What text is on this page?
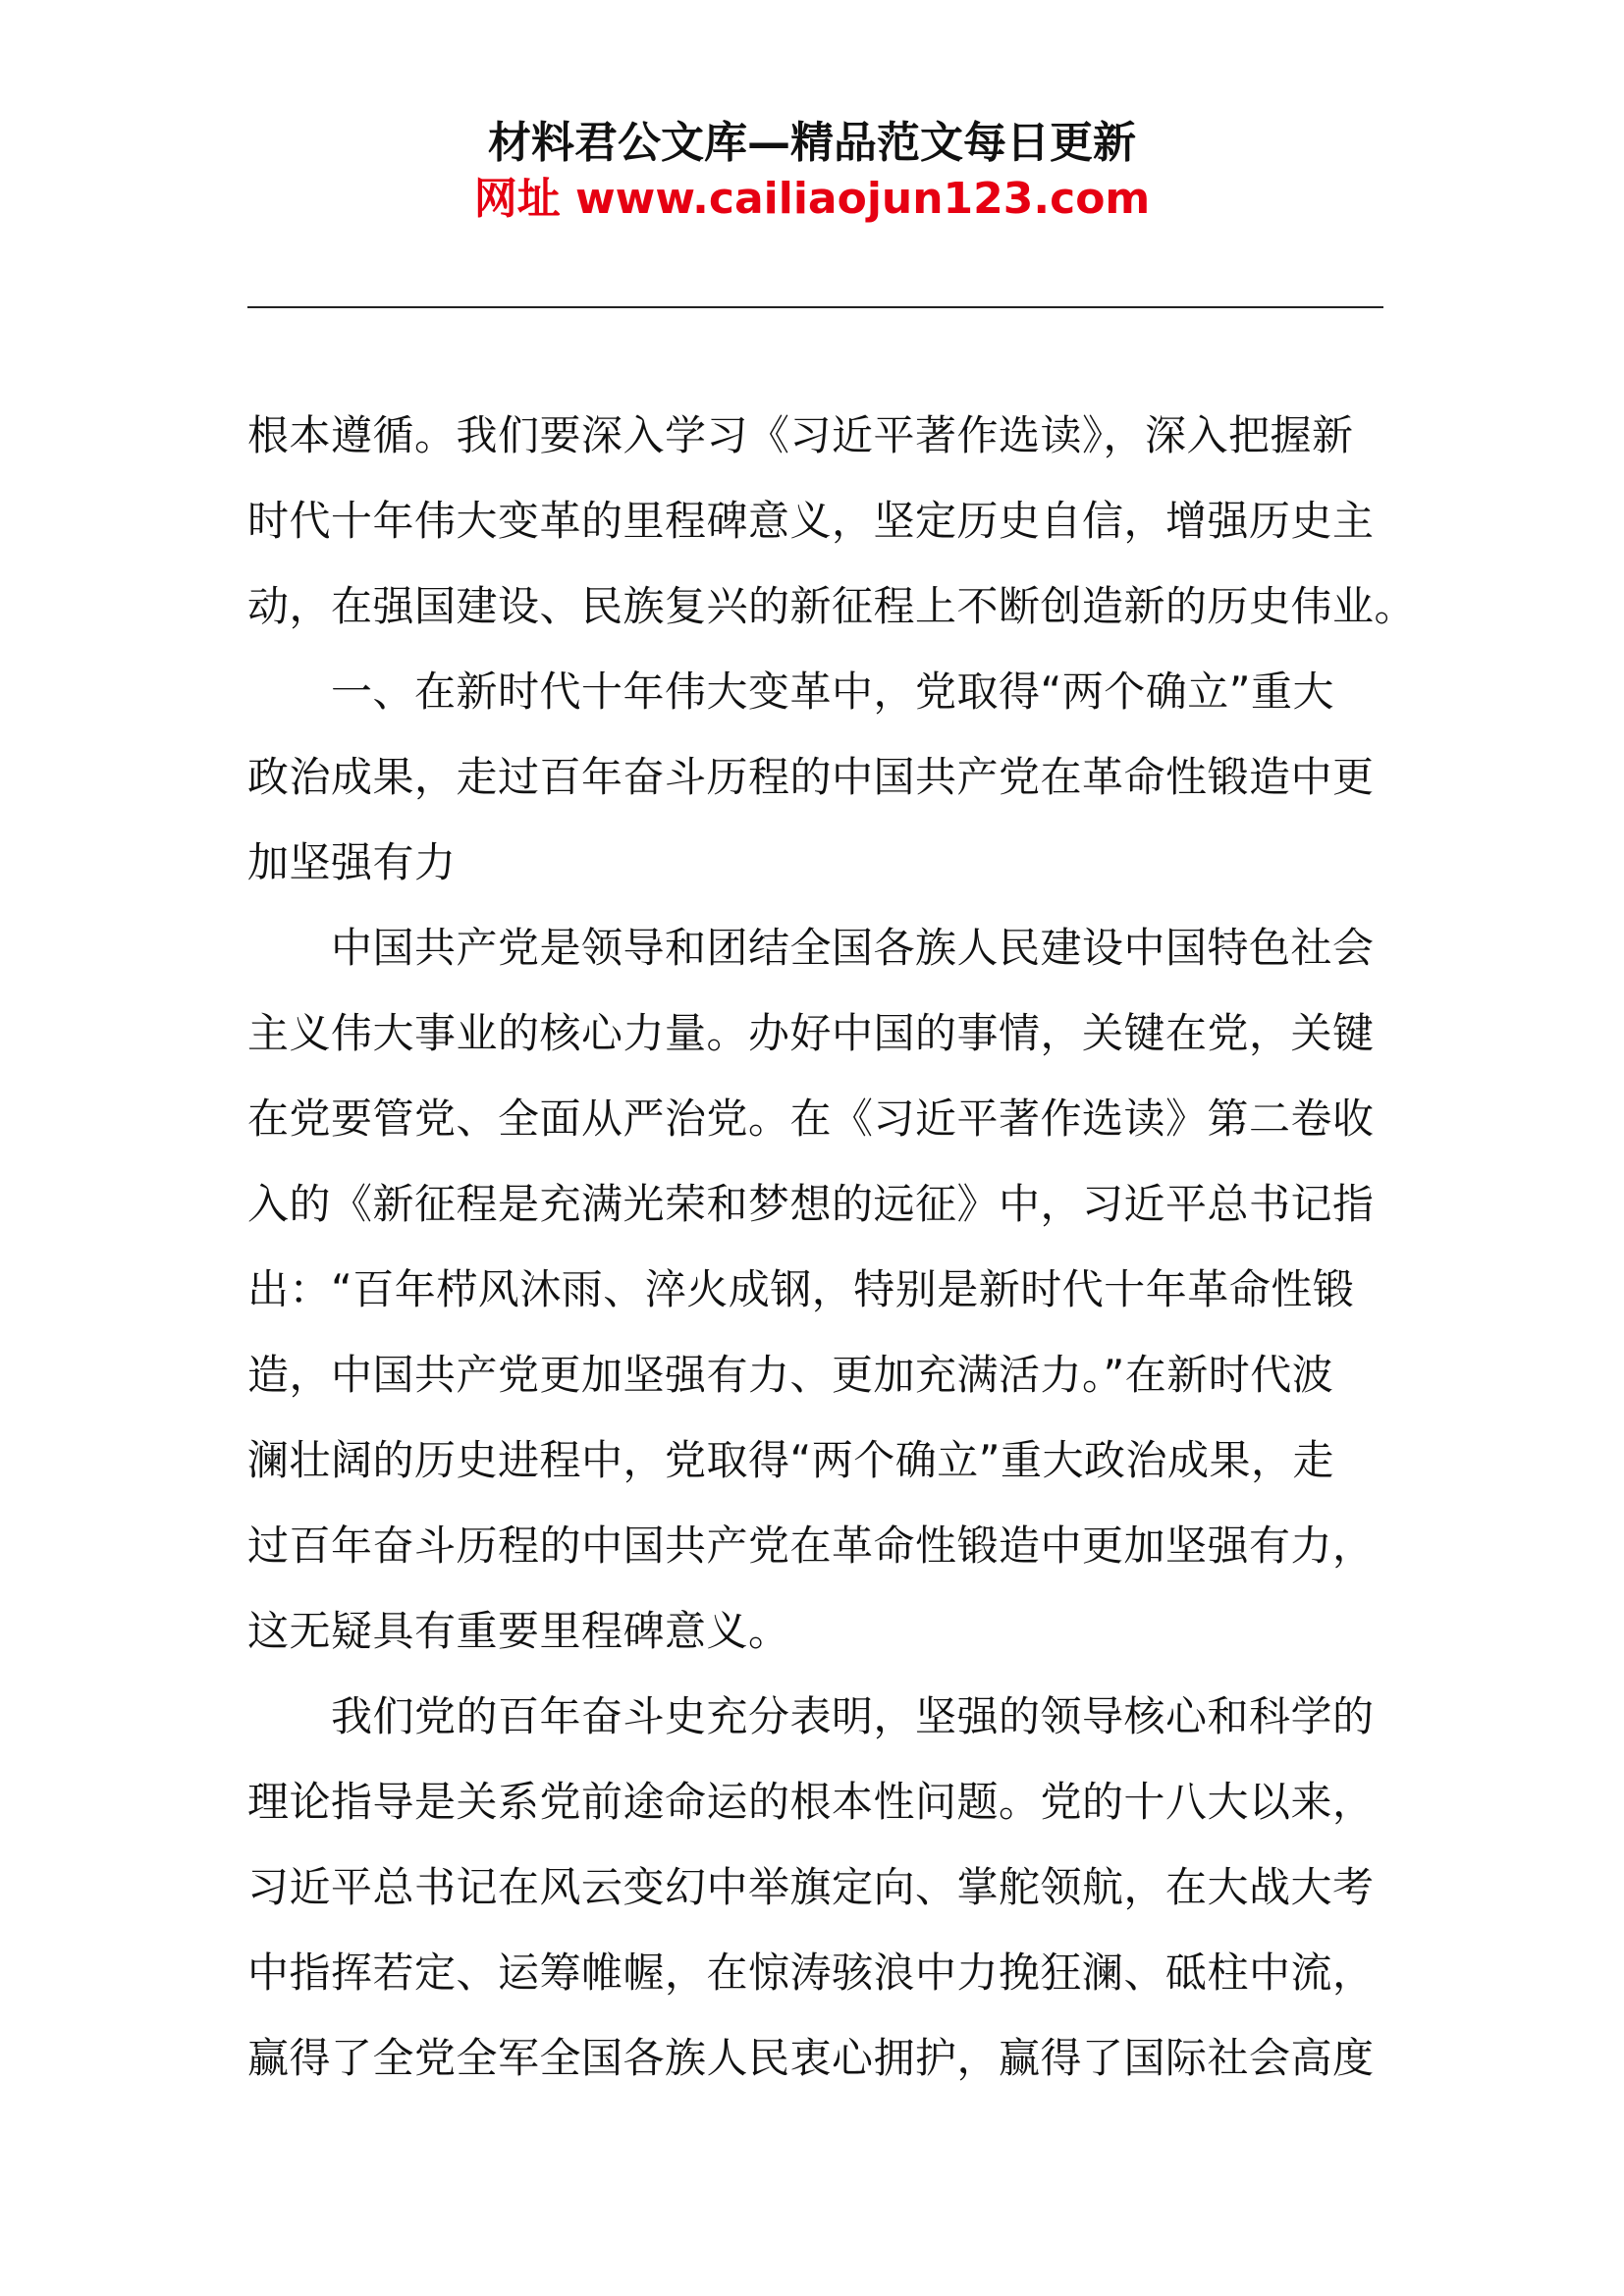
材料君公文库—精品范文每日更新
网址 www.cailiaojun123.com
根本遵循。我们要深入学习《习近平著作选读》，深入把握新
时代十年伟大变革的里程碑意义，坚定历史自信，增强历史主
动，在强国建设、民族复兴的新征程上不断创造新的历史伟业。
　　一、在新时代十年伟大变革中，党取得“两个确立”重大
政治成果，走过百年奋斗历程的中国共产党在革命性锻造中更
加坚强有力
　　中国共产党是领导和团结全国各族人民建设中国特色社会
主义伟大事业的核心力量。办好中国的事情，关键在党，关键
在党要管党、全面从严治党。在《习近平著作选读》第二卷收
入的《新征程是充满光荣和梦想的远征》中，习近平总书记指
出：“百年栉风沐雨、淬火成钢，特别是新时代十年革命性锻
造，中国共产党更加坚强有力、更加充满活力。”在新时代波
澜壮阔的历史进程中，党取得“两个确立”重大政治成果，走
过百年奋斗历程的中国共产党在革命性锻造中更加坚强有力，
这无疑具有重要里程碑意义。
　　我们党的百年奋斗史充分表明，坚强的领导核心和科学的
理论指导是关系党前途命运的根本性问题。党的十八大以来，
习近平总书记在风云变幻中举旗定向、掌舵领航，在大战大考
中指挥若定、运筹帷幄，在惊涛骇浪中力挽狂澜、砥柱中流，
赢得了全党全军全国各族人民衷心拥护，赢得了国际社会高度
